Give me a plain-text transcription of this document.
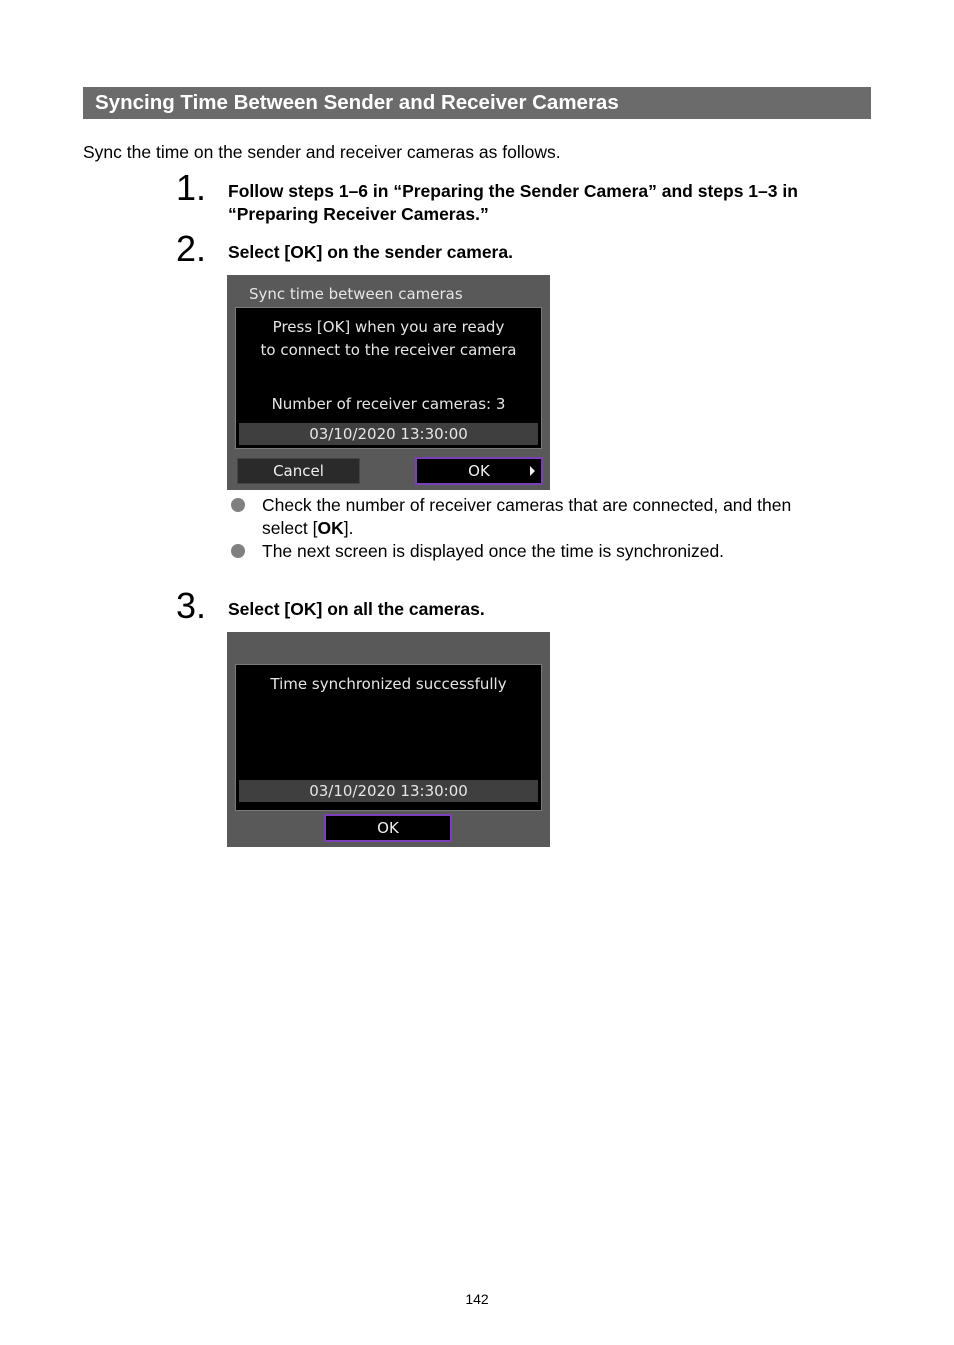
Syncing Time Between Sender and Receiver Cameras
Sync the time on the sender and receiver cameras as follows.
1. Follow steps 1–6 in “Preparing the Sender Camera” and steps 1–3 in
“Preparing Receiver Cameras.”
2. Select [OK] on the sender camera.
Sync time between cameras
Press [OK] when you are ready
to connect to the receiver camera
Number of receiver cameras: 3
03/10/2020 13:30:00
Cancel	OK
Check the number of receiver cameras that are connected, and then
select [OK].
The next screen is displayed once the time is synchronized.
3. Select [OK] on all the cameras.
Time synchronized successfully
03/10/2020 13:30:00
OK
142
